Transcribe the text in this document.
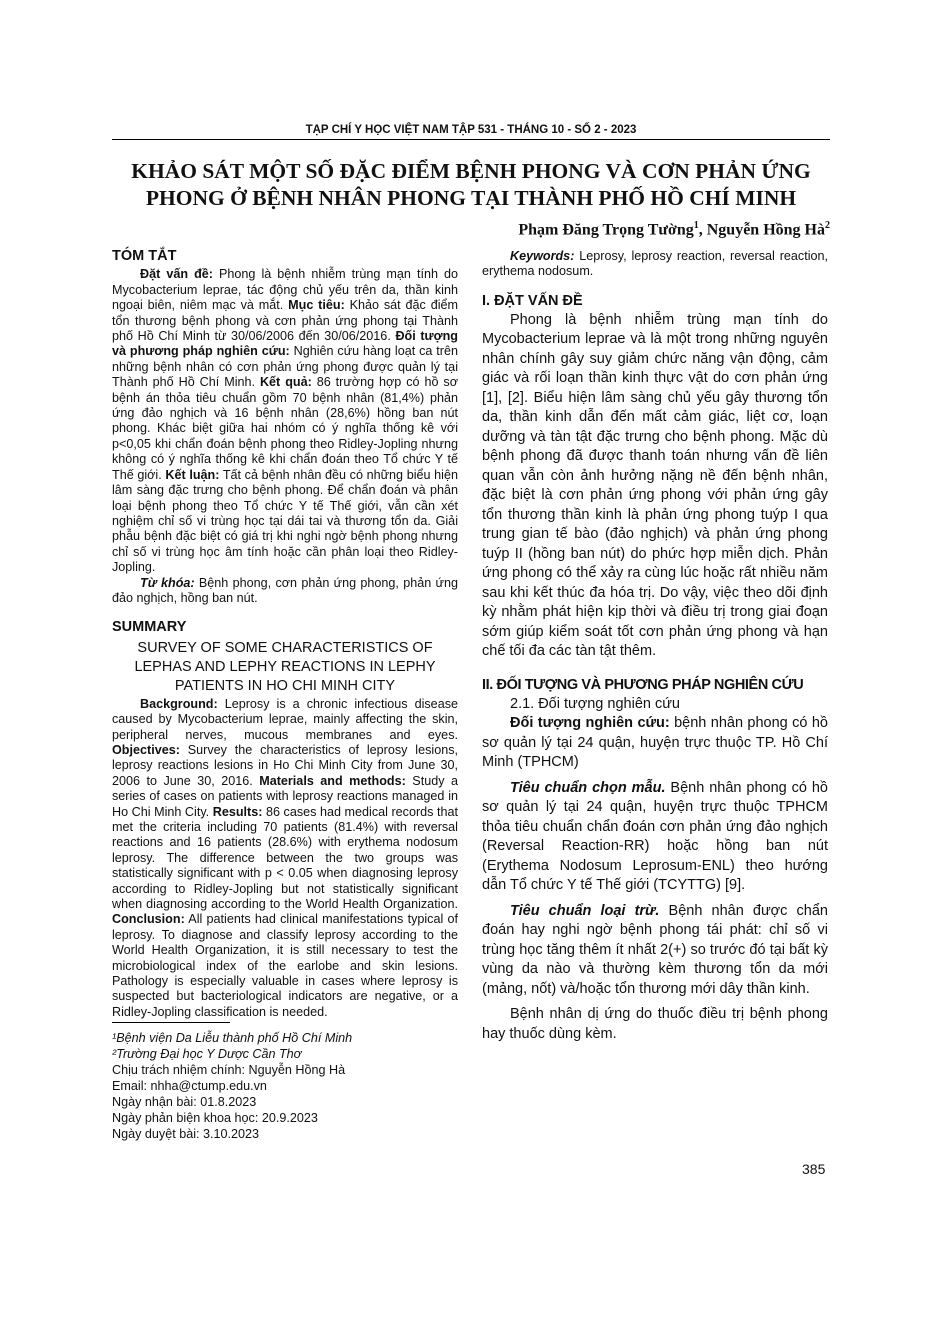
TẠP CHÍ Y HỌC VIỆT NAM TẬP 531 - THÁNG 10 - SỐ 2 - 2023
KHẢO SÁT MỘT SỐ ĐẶC ĐIỂM BỆNH PHONG VÀ CƠN PHẢN ỨNG
PHONG Ở BỆNH NHÂN PHONG TẠI THÀNH PHỐ HỒ CHÍ MINH
Phạm Đăng Trọng Tường$^1$, Nguyễn Hồng $Hà^2$
TÓM TẮT

Đặt vấn đề: Phong là bệnh nhiễm trùng mạn tính do Mycobacterium leprae, tác động chủ yếu trên da, thần kinh ngoại biên, niêm mạc và mắt. Mục tiêu: Khảo sát đặc điểm tổn thương bệnh phong và cơn phản ứng phong tại Thành phố Hồ Chí Minh từ 30/06/2006 đến 30/06/2016. Đối tượng và phương pháp nghiên cứu: Nghiên cứu hàng loạt ca trên những bệnh nhân có cơn phản ứng phong được quản lý tại Thành phố Hồ Chí Minh. Kết quả: 86 trường hợp có hồ sơ bệnh án thỏa tiêu chuẩn gồm 70 bệnh nhân (81,4%) phản ứng đảo nghịch và 16 bệnh nhân (28,6%) hồng ban nút phong. Khác biệt giữa hai nhóm có ý nghĩa thống kê với p<0,05 khi chẩn đoán bệnh phong theo Ridley-Jopling nhưng không có ý nghĩa thống kê khi chẩn đoán theo Tổ chức Y tế Thế giới. Kết luận: Tất cả bệnh nhân đều có những biểu hiện lâm sàng đặc trưng cho bệnh phong. Để chẩn đoán và phân loại bệnh phong theo Tổ chức Y tế Thế giới, vẫn cần xét nghiệm chỉ số vi trùng học tại dái tai và thương tổn da. Giải phẫu bệnh đặc biệt có giá trị khi nghi ngờ bệnh phong nhưng chỉ số vi trùng học âm tính hoặc cần phân loại theo Ridley-Jopling.

Từ khóa: Bệnh phong, cơn phản ứng phong, phản ứng đảo nghịch, hồng ban nút.

SUMMARY
SURVEY OF SOME CHARACTERISTICS OF
LEPHAS AND LEPHY REACTIONS IN LEPHY
PATIENTS IN HO CHI MINH CITY

Background: Leprosy is a chronic infectious disease caused by Mycobacterium leprae, mainly affecting the skin, peripheral nerves, mucous membranes and eyes. Objectives: Survey the characteristics of leprosy lesions, leprosy reactions lesions in Ho Chi Minh City from June 30, 2006 to June 30, 2016. Materials and methods: Study a series of cases on patients with leprosy reactions managed in Ho Chi Minh City. Results: 86 cases had medical records that met the criteria including 70 patients (81.4%) with reversal reactions and 16 patients (28.6%) with erythema nodosum leprosy. The difference between the two groups was statistically significant with p < 0.05 when diagnosing leprosy according to Ridley-Jopling but not statistically significant when diagnosing according to the World Health Organization. Conclusion: All patients had clinical manifestations typical of leprosy. To diagnose and classify leprosy according to the World Health Organization, it is still necessary to test the microbiological index of the earlobe and skin lesions. Pathology is especially valuable in cases where leprosy is suspected but bacteriological indicators are negative, or a Ridley-Jopling classification is needed.

¹Bệnh viện Da Liễu thành phố Hồ Chí Minh
²Trường Đại học Y Dược Cần Thơ
Chịu trách nhiệm chính: Nguyễn Hồng Hà
Email: nhha@ctump.edu.vn
Ngày nhận bài: 01.8.2023
Ngày phản biện khoa học: 20.9.2023
Ngày duyệt bài: 3.10.2023

Keywords: Leprosy, leprosy reaction, reversal reaction, erythema nodosum.

I. ĐẶT VẤN ĐỀ

Phong là bệnh nhiễm trùng mạn tính do Mycobacterium leprae và là một trong những nguyên nhân chính gây suy giảm chức năng vận động, cảm giác và rối loạn thần kinh thực vật do cơn phản ứng [1], [2]. Biểu hiện lâm sàng chủ yếu gây thương tổn da, thần kinh dẫn đến mất cảm giác, liệt cơ, loạn dưỡng và tàn tật đặc trưng cho bệnh phong. Mặc dù bệnh phong đã được thanh toán nhưng vấn đề liên quan vẫn còn ảnh hưởng nặng nề đến bệnh nhân, đặc biệt là cơn phản ứng phong với phản ứng gây tổn thương thần kinh là phản ứng phong tuýp I qua trung gian tế bào (đảo nghịch) và phản ứng phong tuýp II (hồng ban nút) do phức hợp miễn dịch. Phản ứng phong có thể xảy ra cùng lúc hoặc rất nhiều năm sau khi kết thúc đa hóa trị. Do vậy, việc theo dõi định kỳ nhằm phát hiện kịp thời và điều trị trong giai đoạn sớm giúp kiểm soát tốt cơn phản ứng phong và hạn chế tối đa các tàn tật thêm.

II. ĐỐI TƯỢNG VÀ PHƯƠNG PHÁP NGHIÊN CỨU
2.1. Đối tượng nghiên cứu

Đối tượng nghiên cứu: bệnh nhân phong có hồ sơ quản lý tại 24 quận, huyện trực thuộc TP. Hồ Chí Minh (TPHCM)

Tiêu chuẩn chọn mẫu. Bệnh nhân phong có hồ sơ quản lý tại 24 quận, huyện trực thuộc TPHCM thỏa tiêu chuẩn chẩn đoán cơn phản ứng đảo nghịch (Reversal Reaction-RR) hoặc hồng ban nút (Erythema Nodosum Leprosum-ENL) theo hướng dẫn Tổ chức Y tế Thế giới (TCYTTG) [9].

Tiêu chuẩn loại trừ. Bệnh nhân được chẩn đoán hay nghi ngờ bệnh phong tái phát: chỉ số vi trùng học tăng thêm ít nhất 2(+) so trước đó tại bất kỳ vùng da nào và thường kèm thương tổn da mới (mảng, nốt) và/hoặc tổn thương mới dây thần kinh.

Bệnh nhân dị ứng do thuốc điều trị bệnh phong hay thuốc dùng kèm.

385
